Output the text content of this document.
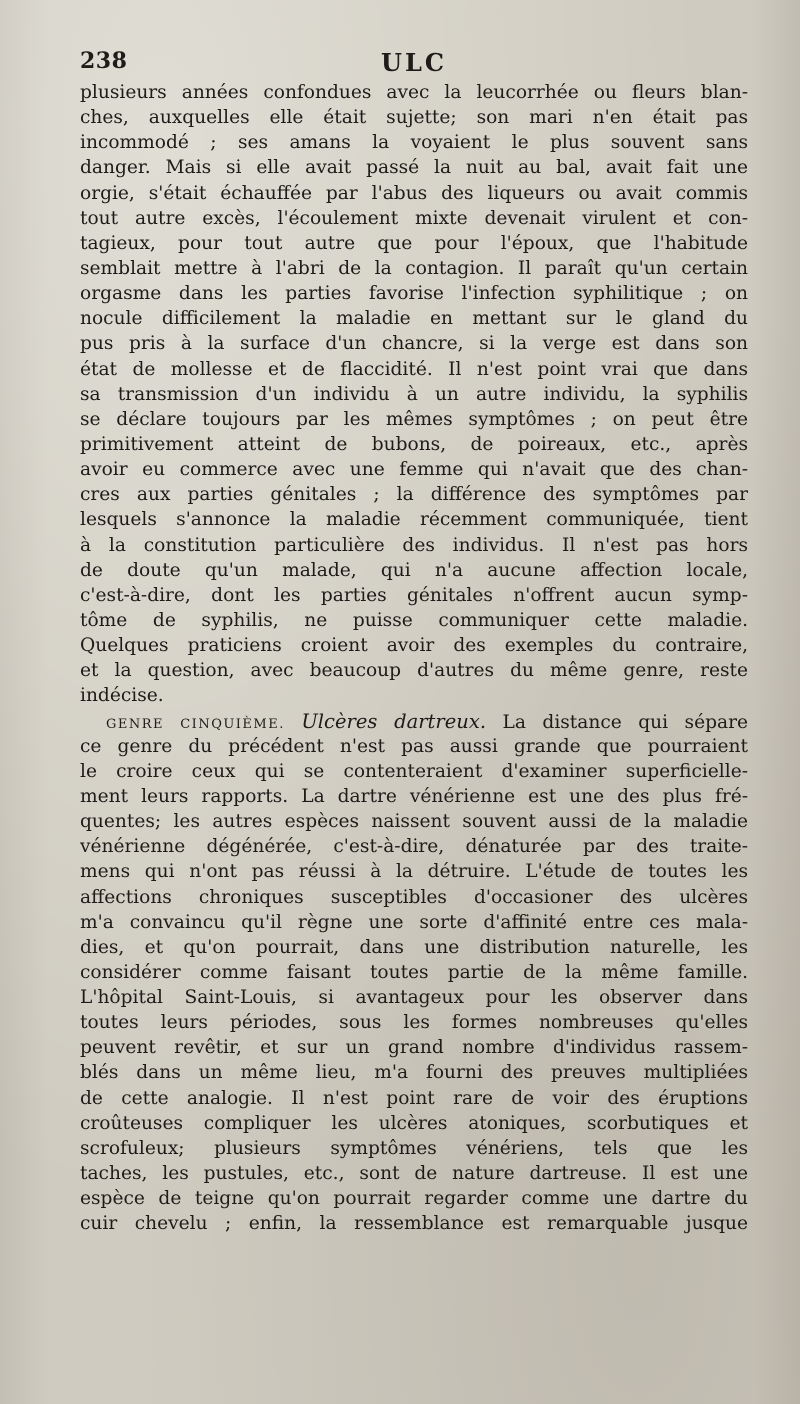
238	ULC
plusieurs années confondues avec la leucorrhée ou fleurs blan-
ches, auxquelles elle était sujette; son mari n'en était pas
incommodé ; ses amans la voyaient le plus souvent sans
danger. Mais si elle avait passé la nuit au bal, avait fait une
orgie, s'était échauffée par l'abus des liqueurs ou avait commis
tout autre excès, l'écoulement mixte devenait virulent et con-
tagieux, pour tout autre que pour l'époux, que l'habitude
semblait mettre à l'abri de la contagion. Il paraît qu'un certain
orgasme dans les parties favorise l'infection syphilitique ; on
nocule difficilement la maladie en mettant sur le gland du
pus pris à la surface d'un chancre, si la verge est dans son
état de mollesse et de flaccidité. Il n'est point vrai que dans
sa transmission d'un individu à un autre individu, la syphilis
se déclare toujours par les mêmes symptômes ; on peut être
primitivement atteint de bubons, de poireaux, etc., après
avoir eu commerce avec une femme qui n'avait que des chan-
cres aux parties génitales ; la différence des symptômes par
lesquels s'annonce la maladie récemment communiquée, tient
à la constitution particulière des individus. Il n'est pas hors
de doute qu'un malade, qui n'a aucune affection locale,
c'est-à-dire, dont les parties génitales n'offrent aucun symp-
tôme de syphilis, ne puisse communiquer cette maladie.
Quelques praticiens croient avoir des exemples du contraire,
et la question, avec beaucoup d'autres du même genre, reste
indécise.
GENRE CINQUIÈME. Ulcères dartreux. La distance qui sépare
ce genre du précédent n'est pas aussi grande que pourraient
le croire ceux qui se contenteraient d'examiner superficielle-
ment leurs rapports. La dartre vénérienne est une des plus fré-
quentes; les autres espèces naissent souvent aussi de la maladie
vénérienne dégénérée, c'est-à-dire, dénaturée par des traite-
mens qui n'ont pas réussi à la détruire. L'étude de toutes les
affections chroniques susceptibles d'occasioner des ulcères
m'a convaincu qu'il règne une sorte d'affinité entre ces mala-
dies, et qu'on pourrait, dans une distribution naturelle, les
considérer comme faisant toutes partie de la même famille.
L'hôpital Saint-Louis, si avantageux pour les observer dans
toutes leurs périodes, sous les formes nombreuses qu'elles
peuvent revêtir, et sur un grand nombre d'individus rassem-
blés dans un même lieu, m'a fourni des preuves multipliées
de cette analogie. Il n'est point rare de voir des éruptions
croûteuses compliquer les ulcères atoniques, scorbutiques et
scrofuleux; plusieurs symptômes vénériens, tels que les
taches, les pustules, etc., sont de nature dartreuse. Il est une
espèce de teigne qu'on pourrait regarder comme une dartre du
cuir chevelu ; enfin, la ressemblance est remarquable jusque
